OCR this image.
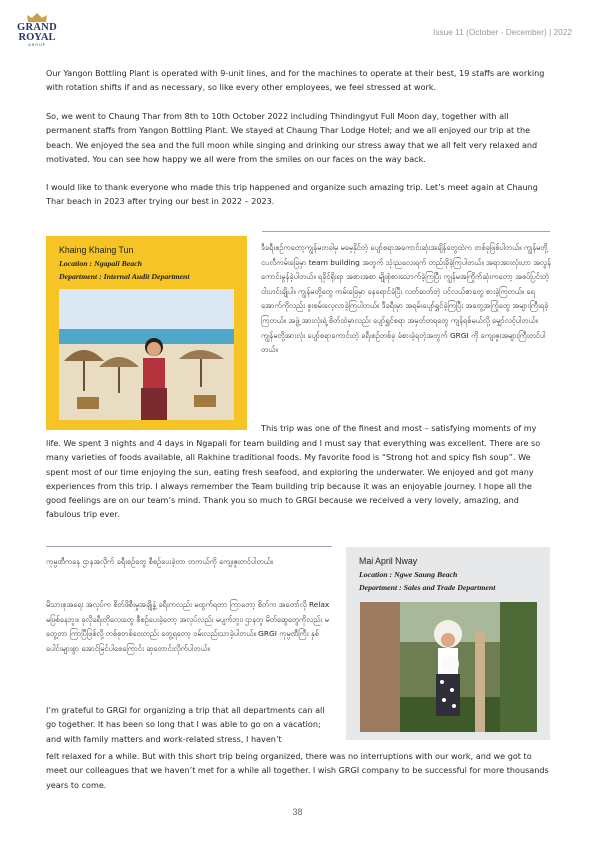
GRAND
ROYAL
GROUP
Issue 11 (October - December) | 2022

Our Yangon Bottling Plant is operated with 9-unit lines, and for the machines to operate at their best, 19 staffs are working with rotation shifts if and as necessary, so like every other employees, we feel stressed at work.

So, we went to Chaung Thar from 8th to 10th October 2022 including Thindingyut Full Moon day, together with all permanent staffs from Yangon Bottling Plant. We stayed at Chaung Thar Lodge Hotel; and we all enjoyed our trip at the beach. We enjoyed the sea and the full moon while singing and drinking our stress away that we all felt very relaxed and motivated. You can see how happy we all were from the smiles on our faces on the way back.

I would like to thank everyone who made this trip happened and organize such amazing trip. Let’s meet again at Chaung Thar beach in 2023 after trying our best in 2022 – 2023.

Khaing Khaing Tun
Location : Ngapali Beach
Department : Internal Audit Department

ဒီခရီးစဉ်ကတော့ကျွန်မတခါမှ မမေ့နိုင်တဲ့ ပျော်စရာအကောင်းဆုံးအချိန်တွေထဲက တစ်ခုဖြစ်ပါတယ်။ ကျွန်မတို့ ငပလီကမ်းခြေမှာ team building အတွက် သုံးညလေးရက် တည်းခိုခဲ့ကြပါတယ်။ အရာအားလုံးဟာ အလွန်ကောင်းမွန်ခဲ့ပါတယ်။ ရခိုင်ရိုးရာ အစားအစာ မျိုးစုံစားသောက်ခဲ့ကြပြီး ကျွန်မအကြိုက်ဆုံးကတော့ အစပ်ပြင်းတဲ့ ငါးဟင်းချိုပါ။ ကျွန်မတို့တွေ ကမ်းခြေမှာ နေရောင်ခံပြီး လတ်ဆတ်တဲ့ ပင်လယ်စာတွေ စားခဲ့ကြတယ်။ ရေအောက်ကိုလည်း စူးစမ်းလေ့လာခဲ့ကြပါတယ်။ ဒီခရီးမှာ အရမ်းပျော်ရွှင်ခဲ့ကြပြီး အတွေ့အကြုံတွေ အများကြီးရခဲ့ကြတယ်။ အဖွဲ့ အားလုံးရဲ့ စိတ်ထဲမှာလည်း ပျော်ရွှင်စရာ အမှတ်တရတွေ ကျန်ရစ်မယ်လို့ မျှော်လင့်ပါတယ်။ ကျွန်မတို့အားလုံး ပျော်စရာကောင်းတဲ့ ခရီးစဉ်တစ်ခု ခံစားခဲ့ရတဲ့အတွက် GRGI ကို ကျေးဇူးအများကြီးတင်ပါတယ်။

This trip was one of the finest and most – satisfying moments of my

life. We spent 3 nights and 4 days in Ngapali for team building and I must say that everything was excellent. There are so many varieties of foods available, all Rakhine traditional foods. My favorite food is “Strong hot and spicy fish soup”. We spent most of our time enjoying the sun, eating fresh seafood, and exploring the underwater. We enjoyed and got many experiences from this trip. I always remember the Team building trip because it was an enjoyable journey. I hope all the good feelings are on our team’s mind. Thank you so much to GRGI because we received a very lovely, amazing, and fabulous trip ever.

ကုမ္ပဏီကနေ ဌာနအလိုက် ခရီးစဉ်တွေ စီစဉ်ပေးခဲ့တာ တကယ်ကို ကျေးဇူးတင်ပါတယ်။

မိသားစုအရေး အလုပ်က စိတ်ဖိစီးမှုအချို့နဲ့ ခရီးကလည်း မထွက်ရတာ ကြာတော့ စိတ်က အတော်လို Relax မဖြစ်နေဘူး။ ခုလိုခရီးတိုလေးတွေ စီစဉ်ပေးခဲ့တော့ အလုပ်လည်း မပျက်ဘူး၊ ဌာနတူ မိတ်ဆွေတွေကိုလည်း မတွေ့တာ ကြာပြီဖြစ်လို့ တစ်စုတစ်ဝေးတည်း တွေ့ရတော့ ဝမ်းလည်းသာခဲ့ပါတယ်။ GRGI ကုမ္ပဏီကြီး နှစ်ပေါင်းများစွာ အောင်မြင်ပါစေကြောင်း ဆုတောင်းလိုက်ပါတယ်။

Mai April Nway
Location : Ngwe Saung Beach
Department : Sales and Trade Department

I’m grateful to GRGI for organizing a trip that all departments can all go together. It has been so long that I was able to go on a vacation; and with family matters and work-related stress, I haven’t

felt relaxed for a while. But with this short trip being organized, there was no interruptions with our work, and we got to meet our colleagues that we haven’t met for a while all together. I wish GRGI company to be successful for more thousands years to come.

38
